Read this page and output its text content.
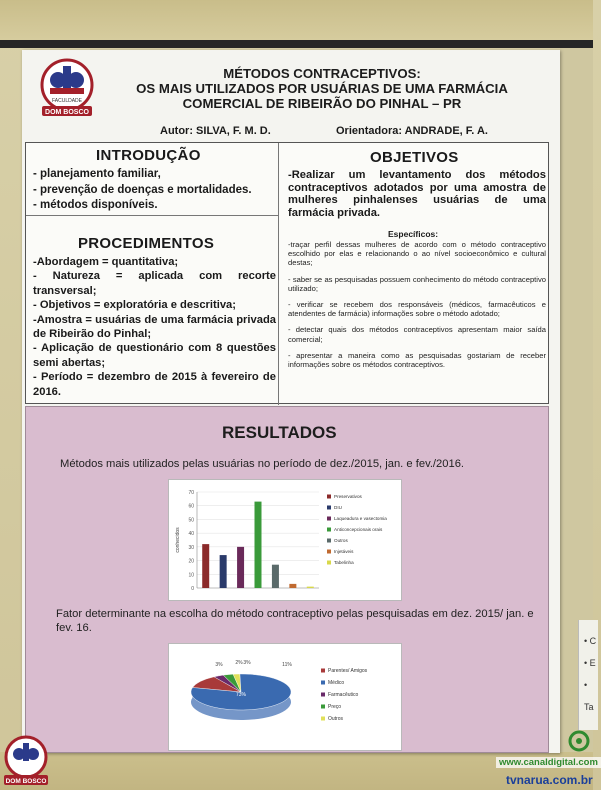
• C
• E
• Ta
FACULDADE
DOM BOSCO
MÉTODOS CONTRACEPTIVOS:
OS MAIS UTILIZADOS POR USUÁRIAS DE UMA FARMÁCIA
COMERCIAL DE RIBEIRÃO DO PINHAL – PR
Autor: SILVA, F. M. D.	Orientadora: ANDRADE, F. A.
INTRODUÇÃO
- planejamento familiar,
- prevenção de doenças e mortalidades.
- métodos disponíveis.
OBJETIVOS
-Realizar um levantamento dos métodos contraceptivos adotados por uma amostra de mulheres pinhalenses usuárias de uma farmácia privada.
Específicos:

-traçar perfil dessas mulheres de acordo com o método contraceptivo escolhido por elas e relacionando o ao nível socioeconômico e cultural destas;

- saber se as pesquisadas possuem conhecimento do método contraceptivo utilizado;

- verificar se recebem dos responsáveis (médicos, farmacêuticos e atendentes de farmácia) informações sobre o método adotado;

- detectar quais dos métodos contraceptivos apresentam maior saída comercial;

- apresentar a maneira como as pesquisadas gostariam de receber informações sobre os métodos contraceptivos.

PROCEDIMENTOS
-Abordagem = quantitativa;
- Natureza = aplicada com recorte transversal;
- Objetivos = exploratória e descritiva;
-Amostra = usuárias de uma farmácia privada de Ribeirão do Pinhal;
- Aplicação de questionário com 8 questões semi abertas;
- Período = dezembro de 2015 à fevereiro de 2016.
RESULTADOS
Métodos mais utilizados pelas usuárias no período de dez./2015, jan. e fev./2016.
0
10
20
30
40
50
60
70
conhecidos
Preservativos
DIU
Laqueadura e vasectomia
Anticoncepcionais orais
Outros
Injetáveis
Tabelinha
Fator determinante na escolha do método contraceptivo pelas pesquisadas em dez. 2015/ jan. e fev. 16.
3%	2% 3%	11%
73%
Parentes/ Amigos
Médico
Farmacêutico
Preço
Outros
DOM BOSCO
www.canaldigital.com
tvnarua.com.br
